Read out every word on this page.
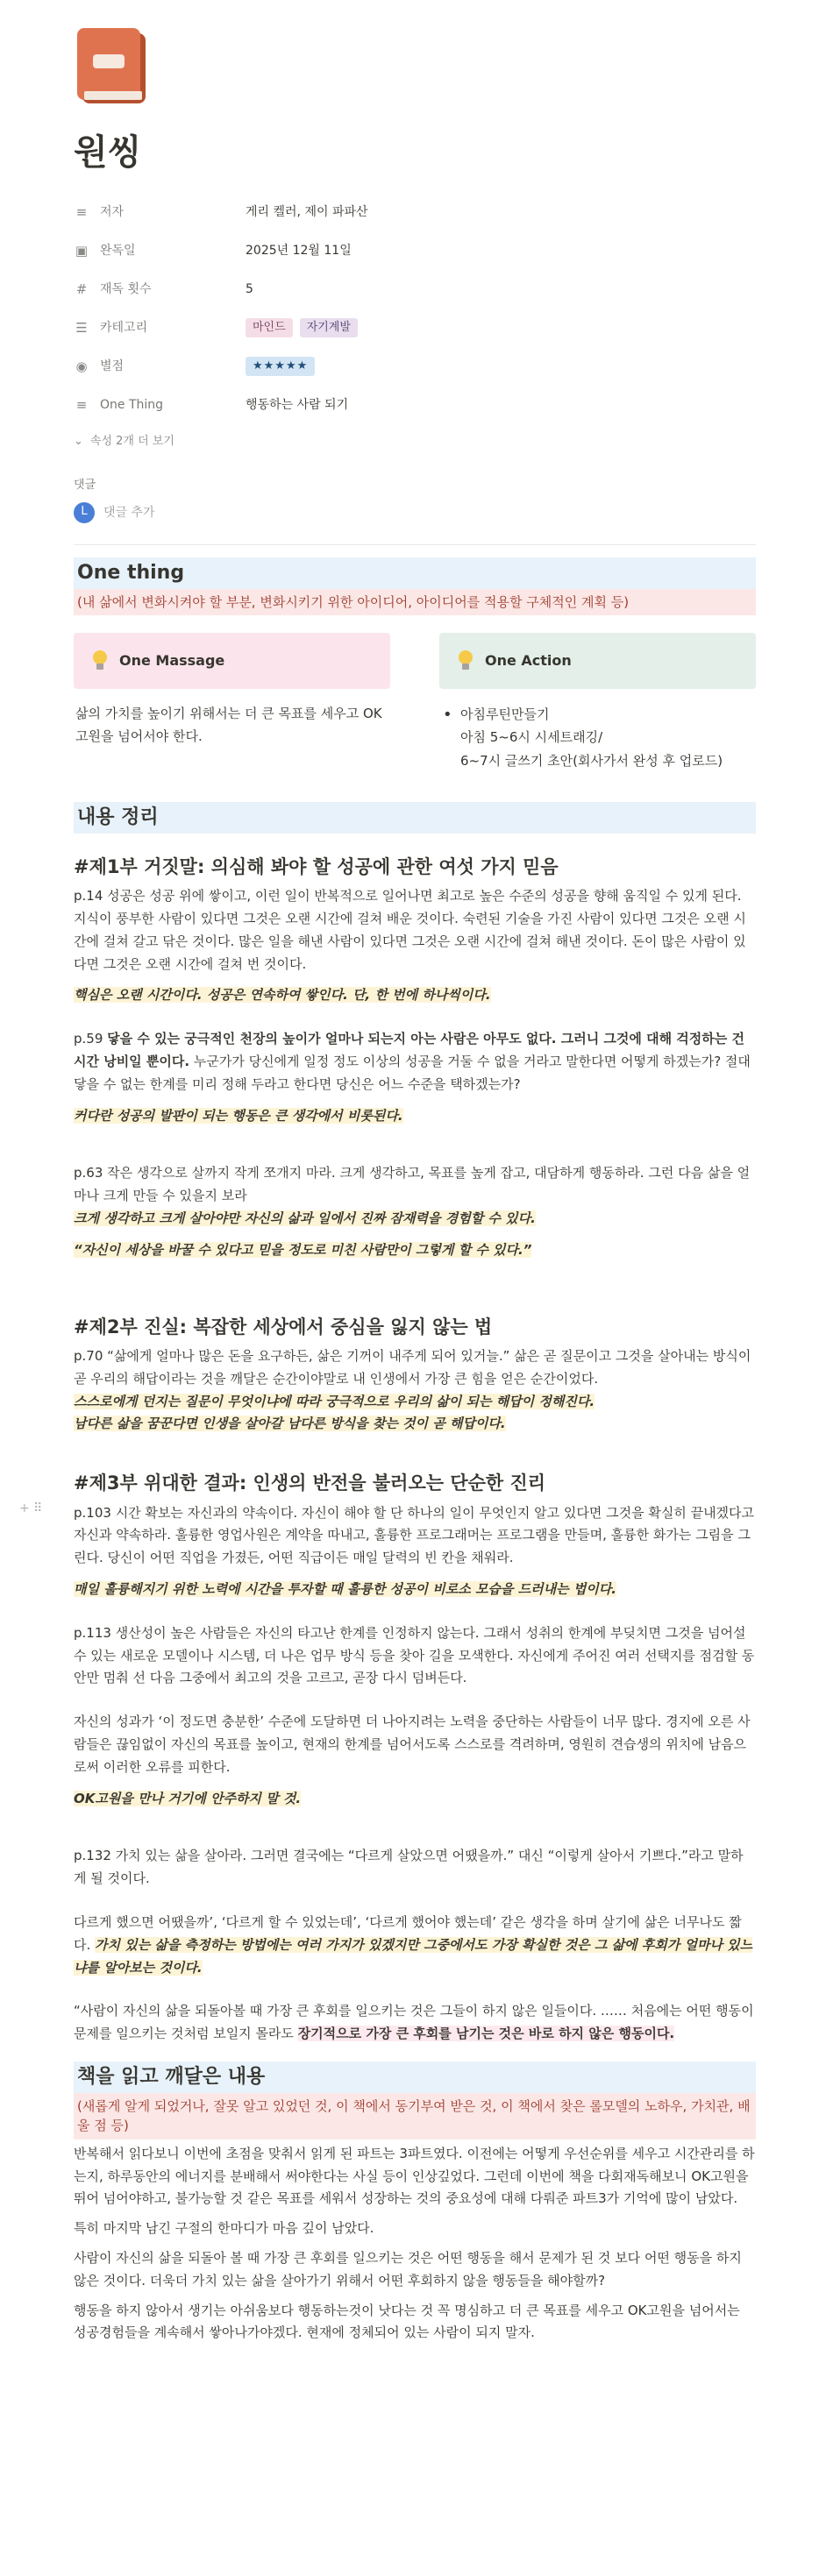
원씽
≡ 저자	게리 켈러, 제이 파파산
▣ 완독일	2025년 12월 11일
# 재독 횟수	5
☰ 카테고리	마인드	자기계발
◉ 별점	★★★★★
≡ One Thing	행동하는 사람 되기
⌄ 속성 2개 더 보기
댓글
L	댓글 추가
One thing
(내 삶에서 변화시켜야 할 부분, 변화시키기 위한 아이디어, 아이디어를 적용할 구체적인 계획 등)
One Massage

삶의 가치를 높이기 위해서는 더 큰 목표를 세우고 OK고원을 넘어서야 한다.

One Action
• 아침루틴만들기
아침 5~6시 시세트래깅/
6~7시 글쓰기 초안(회사가서 완성 후 업로드)
내용 정리
#제1부 거짓말: 의심해 봐야 할 성공에 관한 여섯 가지 믿음

p.14 성공은 성공 위에 쌓이고, 이런 일이 반복적으로 일어나면 최고로 높은 수준의 성공을 향해 움직일 수 있게 된다. 지식이 풍부한 사람이 있다면 그것은 오랜 시간에 걸쳐 배운 것이다. 숙련된 기술을 가진 사람이 있다면 그것은 오랜 시간에 걸쳐 갈고 닦은 것이다. 많은 일을 해낸 사람이 있다면 그것은 오랜 시간에 걸쳐 해낸 것이다. 돈이 많은 사람이 있다면 그것은 오랜 시간에 걸쳐 번 것이다.

핵심은 오랜 시간이다. 성공은 연속하여 쌓인다. 단, 한 번에 하나씩이다.

p.59 닿을 수 있는 궁극적인 천장의 높이가 얼마나 되는지 아는 사람은 아무도 없다. 그러니 그것에 대해 걱정하는 건 시간 낭비일 뿐이다. 누군가가 당신에게 일정 정도 이상의 성공을 거둘 수 없을 거라고 말한다면 어떻게 하겠는가? 절대 닿을 수 없는 한계를 미리 정해 두라고 한다면 당신은 어느 수준을 택하겠는가?

커다란 성공의 발판이 되는 행동은 큰 생각에서 비롯된다.

p.63 작은 생각으로 살까지 작게 쪼개지 마라. 크게 생각하고, 목표를 높게 잡고, 대담하게 행동하라. 그런 다음 삶을 얼마나 크게 만들 수 있을지 보라

크게 생각하고 크게 살아야만 자신의 삶과 일에서 진짜 잠재력을 경험할 수 있다.

“자신이 세상을 바꿀 수 있다고 믿을 정도로 미친 사람만이 그렇게 할 수 있다.”

#제2부 진실: 복잡한 세상에서 중심을 잃지 않는 법

p.70 “삶에게 얼마나 많은 돈을 요구하든, 삶은 기꺼이 내주게 되어 있거늘.” 삶은 곧 질문이고 그것을 살아내는 방식이 곧 우리의 해답이라는 것을 깨달은 순간이야말로 내 인생에서 가장 큰 힘을 얻은 순간이었다.

스스로에게 던지는 질문이 무엇이냐에 따라 궁극적으로 우리의 삶이 되는 해답이 정해진다.

남다른 삶을 꿈꾼다면 인생을 살아갈 남다른 방식을 찾는 것이 곧 해답이다.

+ ⠿
#제3부 위대한 결과: 인생의 반전을 불러오는 단순한 진리

p.103 시간 확보는 자신과의 약속이다. 자신이 해야 할 단 하나의 일이 무엇인지 알고 있다면 그것을 확실히 끝내겠다고 자신과 약속하라. 훌륭한 영업사원은 계약을 따내고, 훌륭한 프로그래머는 프로그램을 만들며, 훌륭한 화가는 그림을 그린다. 당신이 어떤 직업을 가졌든, 어떤 직급이든 매일 달력의 빈 칸을 채워라.

매일 훌륭해지기 위한 노력에 시간을 투자할 때 훌륭한 성공이 비로소 모습을 드러내는 법이다.

p.113 생산성이 높은 사람들은 자신의 타고난 한계를 인정하지 않는다. 그래서 성취의 한계에 부딪치면 그것을 넘어설 수 있는 새로운 모델이나 시스템, 더 나은 업무 방식 등을 찾아 길을 모색한다. 자신에게 주어진 여러 선택지를 점검할 동안만 멈춰 선 다음 그중에서 최고의 것을 고르고, 곧장 다시 덤벼든다.

자신의 성과가 ‘이 정도면 충분한’ 수준에 도달하면 더 나아지려는 노력을 중단하는 사람들이 너무 많다. 경지에 오른 사람들은 끊임없이 자신의 목표를 높이고, 현재의 한계를 넘어서도록 스스로를 격려하며, 영원히 견습생의 위치에 남음으로써 이러한 오류를 피한다.

OK고원을 만나 거기에 안주하지 말 것.

p.132 가치 있는 삶을 살아라. 그러면 결국에는 “다르게 살았으면 어땠을까.” 대신 “이렇게 살아서 기쁘다.”라고 말하게 될 것이다.

다르게 했으면 어땠을까’, ‘다르게 할 수 있었는데’, ‘다르게 했어야 했는데’ 같은 생각을 하며 살기에 삶은 너무나도 짧다. 가치 있는 삶을 측정하는 방법에는 여러 가지가 있겠지만 그중에서도 가장 확실한 것은 그 삶에 후회가 얼마나 있느냐를 알아보는 것이다.

“사람이 자신의 삶을 되돌아볼 때 가장 큰 후회를 일으키는 것은 그들이 하지 않은 일들이다. …… 처음에는 어떤 행동이 문제를 일으키는 것처럼 보일지 몰라도 장기적으로 가장 큰 후회를 남기는 것은 바로 하지 않은 행동이다.

책을 읽고 깨달은 내용
(새롭게 알게 되었거나, 잘못 알고 있었던 것, 이 책에서 동기부여 받은 것, 이 책에서 찾은 롤모델의 노하우, 가치관, 배울 점 등)

반복해서 읽다보니 이번에 초점을 맞춰서 읽게 된 파트는 3파트였다. 이전에는 어떻게 우선순위를 세우고 시간관리를 하는지, 하루동안의 에너지를 분배해서 써야한다는 사실 등이 인상깊었다. 그런데 이번에 책을 다회재독해보니 OK고원을 뛰어 넘어야하고, 불가능할 것 같은 목표를 세워서 성장하는 것의 중요성에 대해 다뤄준 파트3가 기억에 많이 남았다.

특히 마지막 남긴 구절의 한마디가 마음 깊이 남았다.

사람이 자신의 삶을 되돌아 볼 때 가장 큰 후회를 일으키는 것은 어떤 행동을 해서 문제가 된 것 보다 어떤 행동을 하지 않은 것이다. 더욱더 가치 있는 삶을 살아가기 위해서 어떤 후회하지 않을 행동들을 해야할까?

행동을 하지 않아서 생기는 아쉬움보다 행동하는것이 낫다는 것 꼭 명심하고 더 큰 목표를 세우고 OK고원을 넘어서는 성공경험들을 계속해서 쌓아나가야겠다. 현재에 정체되어 있는 사람이 되지 말자.
